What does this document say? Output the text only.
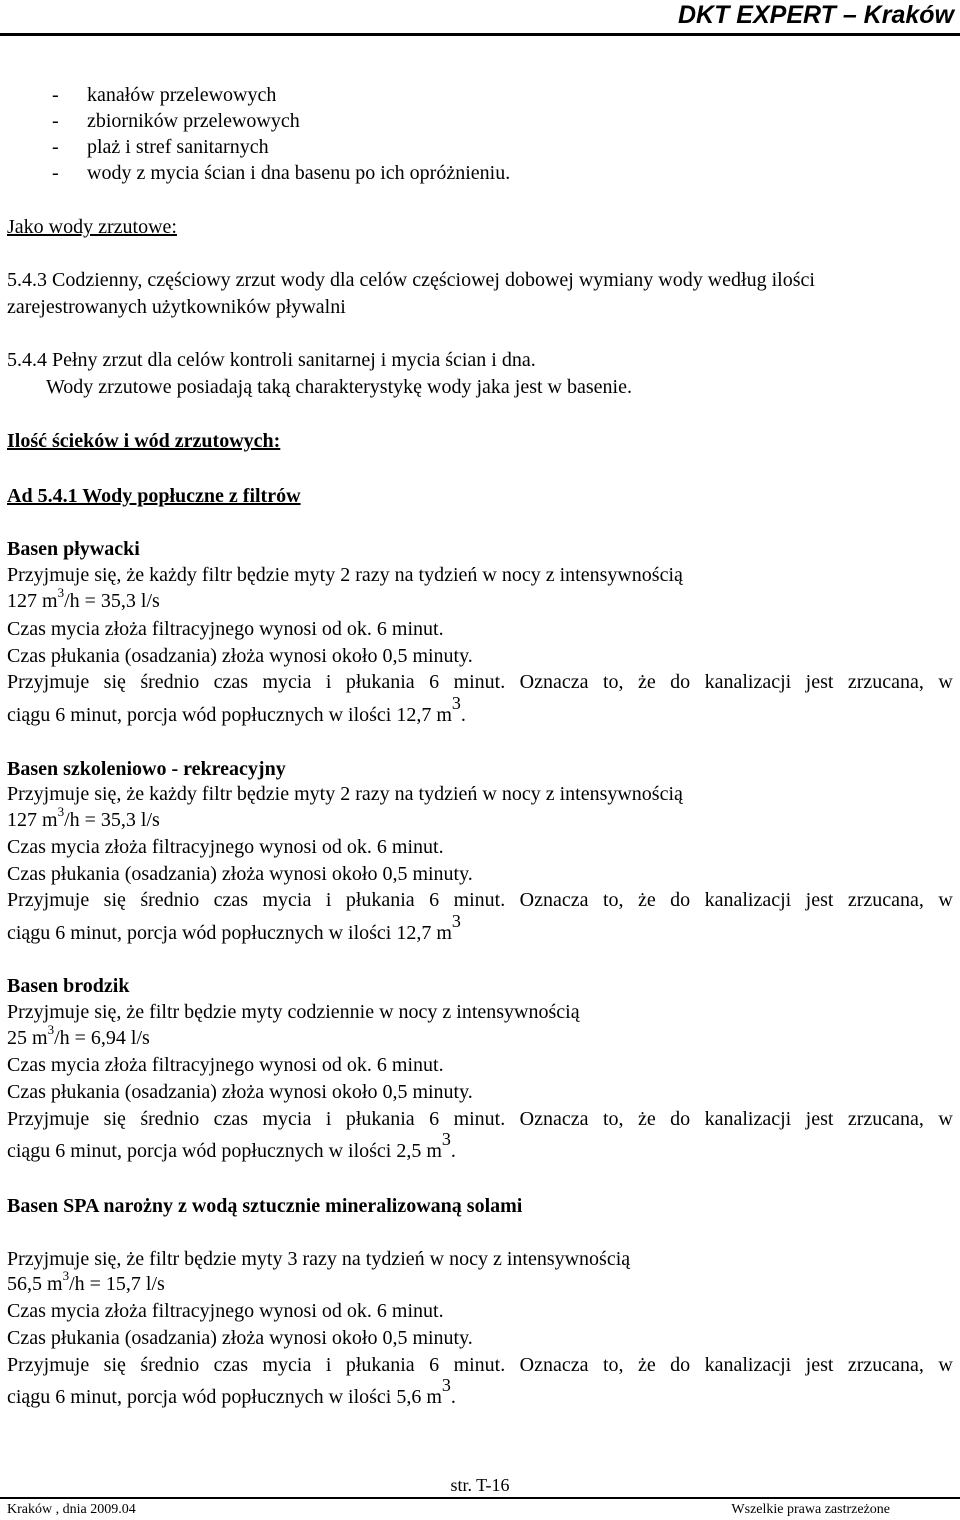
DKT EXPERT – Kraków
- kanałów przelewowych
- zbiorników przelewowych
- plaż i stref sanitarnych
- wody z mycia ścian i dna basenu po ich opróżnieniu.
Jako wody zrzutowe:
5.4.3 Codzienny, częściowy zrzut wody dla celów częściowej dobowej wymiany wody według ilości
zarejestrowanych użytkowników pływalni
5.4.4 Pełny zrzut dla celów kontroli sanitarnej i mycia ścian i dna.
Wody zrzutowe posiadają taką charakterystykę wody jaka jest w basenie.
Ilość ścieków i wód zrzutowych:
Ad 5.4.1 Wody popłuczne z filtrów
Basen pływacki
Przyjmuje się, że każdy filtr będzie myty 2 razy na tydzień w nocy z intensywnością
127 $m^3/h = 35,3$ l/s
Czas mycia złoża filtracyjnego wynosi od ok. 6 minut.
Czas płukania (osadzania) złoża wynosi około 0,5 minuty.
Przyjmuje się średnio czas mycia i płukania 6 minut. Oznacza to, że do kanalizacji jest zrzucana, w
ciągu 6 minut, porcja wód popłucznych w ilości 12,7 $m^3$.
Basen szkoleniowo - rekreacyjny
Przyjmuje się, że każdy filtr będzie myty 2 razy na tydzień w nocy z intensywnością
127 $m^3/h = 35,3$ l/s
Czas mycia złoża filtracyjnego wynosi od ok. 6 minut.
Czas płukania (osadzania) złoża wynosi około 0,5 minuty.
Przyjmuje się średnio czas mycia i płukania 6 minut. Oznacza to, że do kanalizacji jest zrzucana, w
ciągu 6 minut, porcja wód popłucznych w ilości 12,7 $m^3$
Basen brodzik
Przyjmuje się, że filtr będzie myty codziennie w nocy z intensywnością
25 $m^3/h = 6,94$ l/s
Czas mycia złoża filtracyjnego wynosi od ok. 6 minut.
Czas płukania (osadzania) złoża wynosi około 0,5 minuty.
Przyjmuje się średnio czas mycia i płukania 6 minut. Oznacza to, że do kanalizacji jest zrzucana, w
ciągu 6 minut, porcja wód popłucznych w ilości 2,5 $m^3$.
Basen SPA narożny z wodą sztucznie mineralizowaną solami
Przyjmuje się, że filtr będzie myty 3 razy na tydzień w nocy z intensywnością
56,5 $m^3/h = 15,7$ l/s
Czas mycia złoża filtracyjnego wynosi od ok. 6 minut.
Czas płukania (osadzania) złoża wynosi około 0,5 minuty.
Przyjmuje się średnio czas mycia i płukania 6 minut. Oznacza to, że do kanalizacji jest zrzucana, w
ciągu 6 minut, porcja wód popłucznych w ilości 5,6 $m^3$.
str. T-16
Kraków , dnia 2009.04	Wszelkie prawa zastrzeżone
